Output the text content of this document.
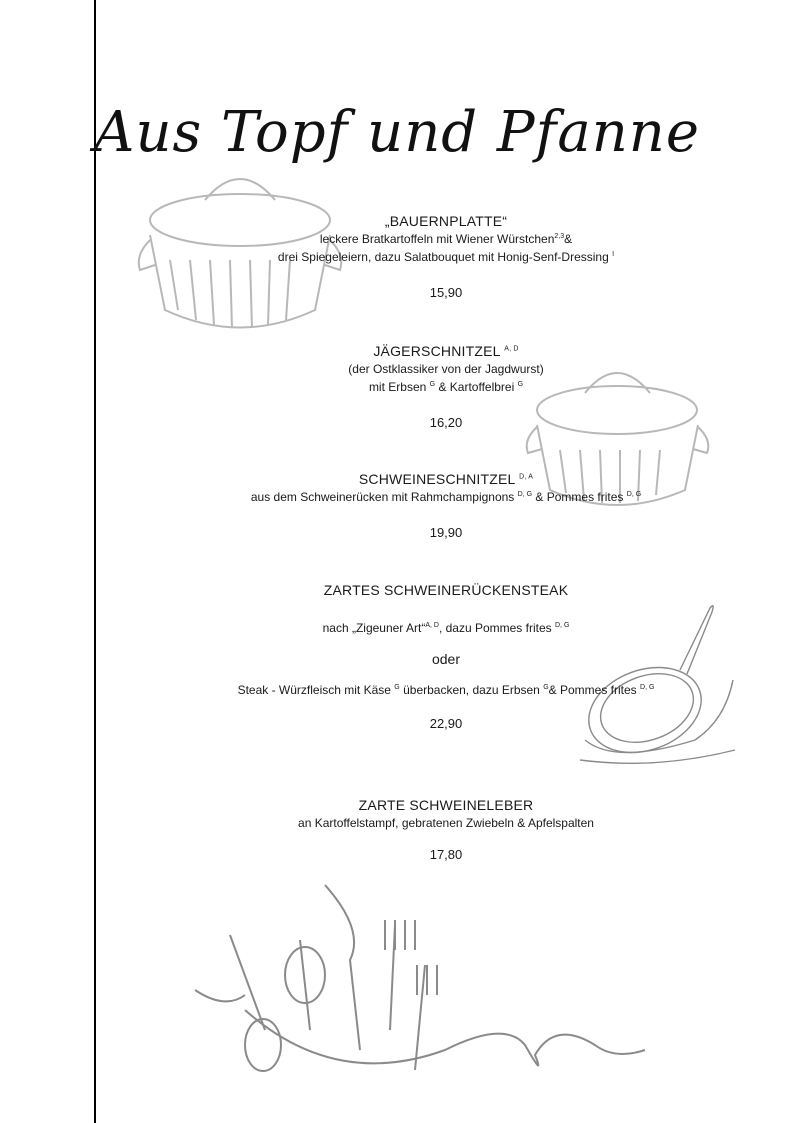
Aus Topf und Pfanne
„BAUERNPLATTE“
leckere Bratkartoffeln mit Wiener Würstchen$^{2,3}$&
drei Spiegeleiern, dazu Salatbouquet mit Honig-Senf-Dressing $^I$
15,90
JÄGERSCHNITZEL $^{A, D}$
(der Ostklassiker von der Jagdwurst)
mit Erbsen $^G$ & Kartoffelbrei $^G$
16,20
SCHWEINESCHNITZEL $^{D, A}$
aus dem Schweinerücken mit Rahmchampignons $^{D, G}$ & Pommes frites $^{D, G}$
19,90
ZARTES SCHWEINERÜCKENSTEAK
nach „Zigeuner Art“$^{A, D}$, dazu Pommes frites $^{D, G}$
oder
Steak - Würzfleisch mit Käse $^G$ überbacken, dazu Erbsen $^G$& Pommes frites $^{D, G}$
22,90
ZARTE SCHWEINELEBER
an Kartoffelstampf, gebratenen Zwiebeln & Apfelspalten
17,80
